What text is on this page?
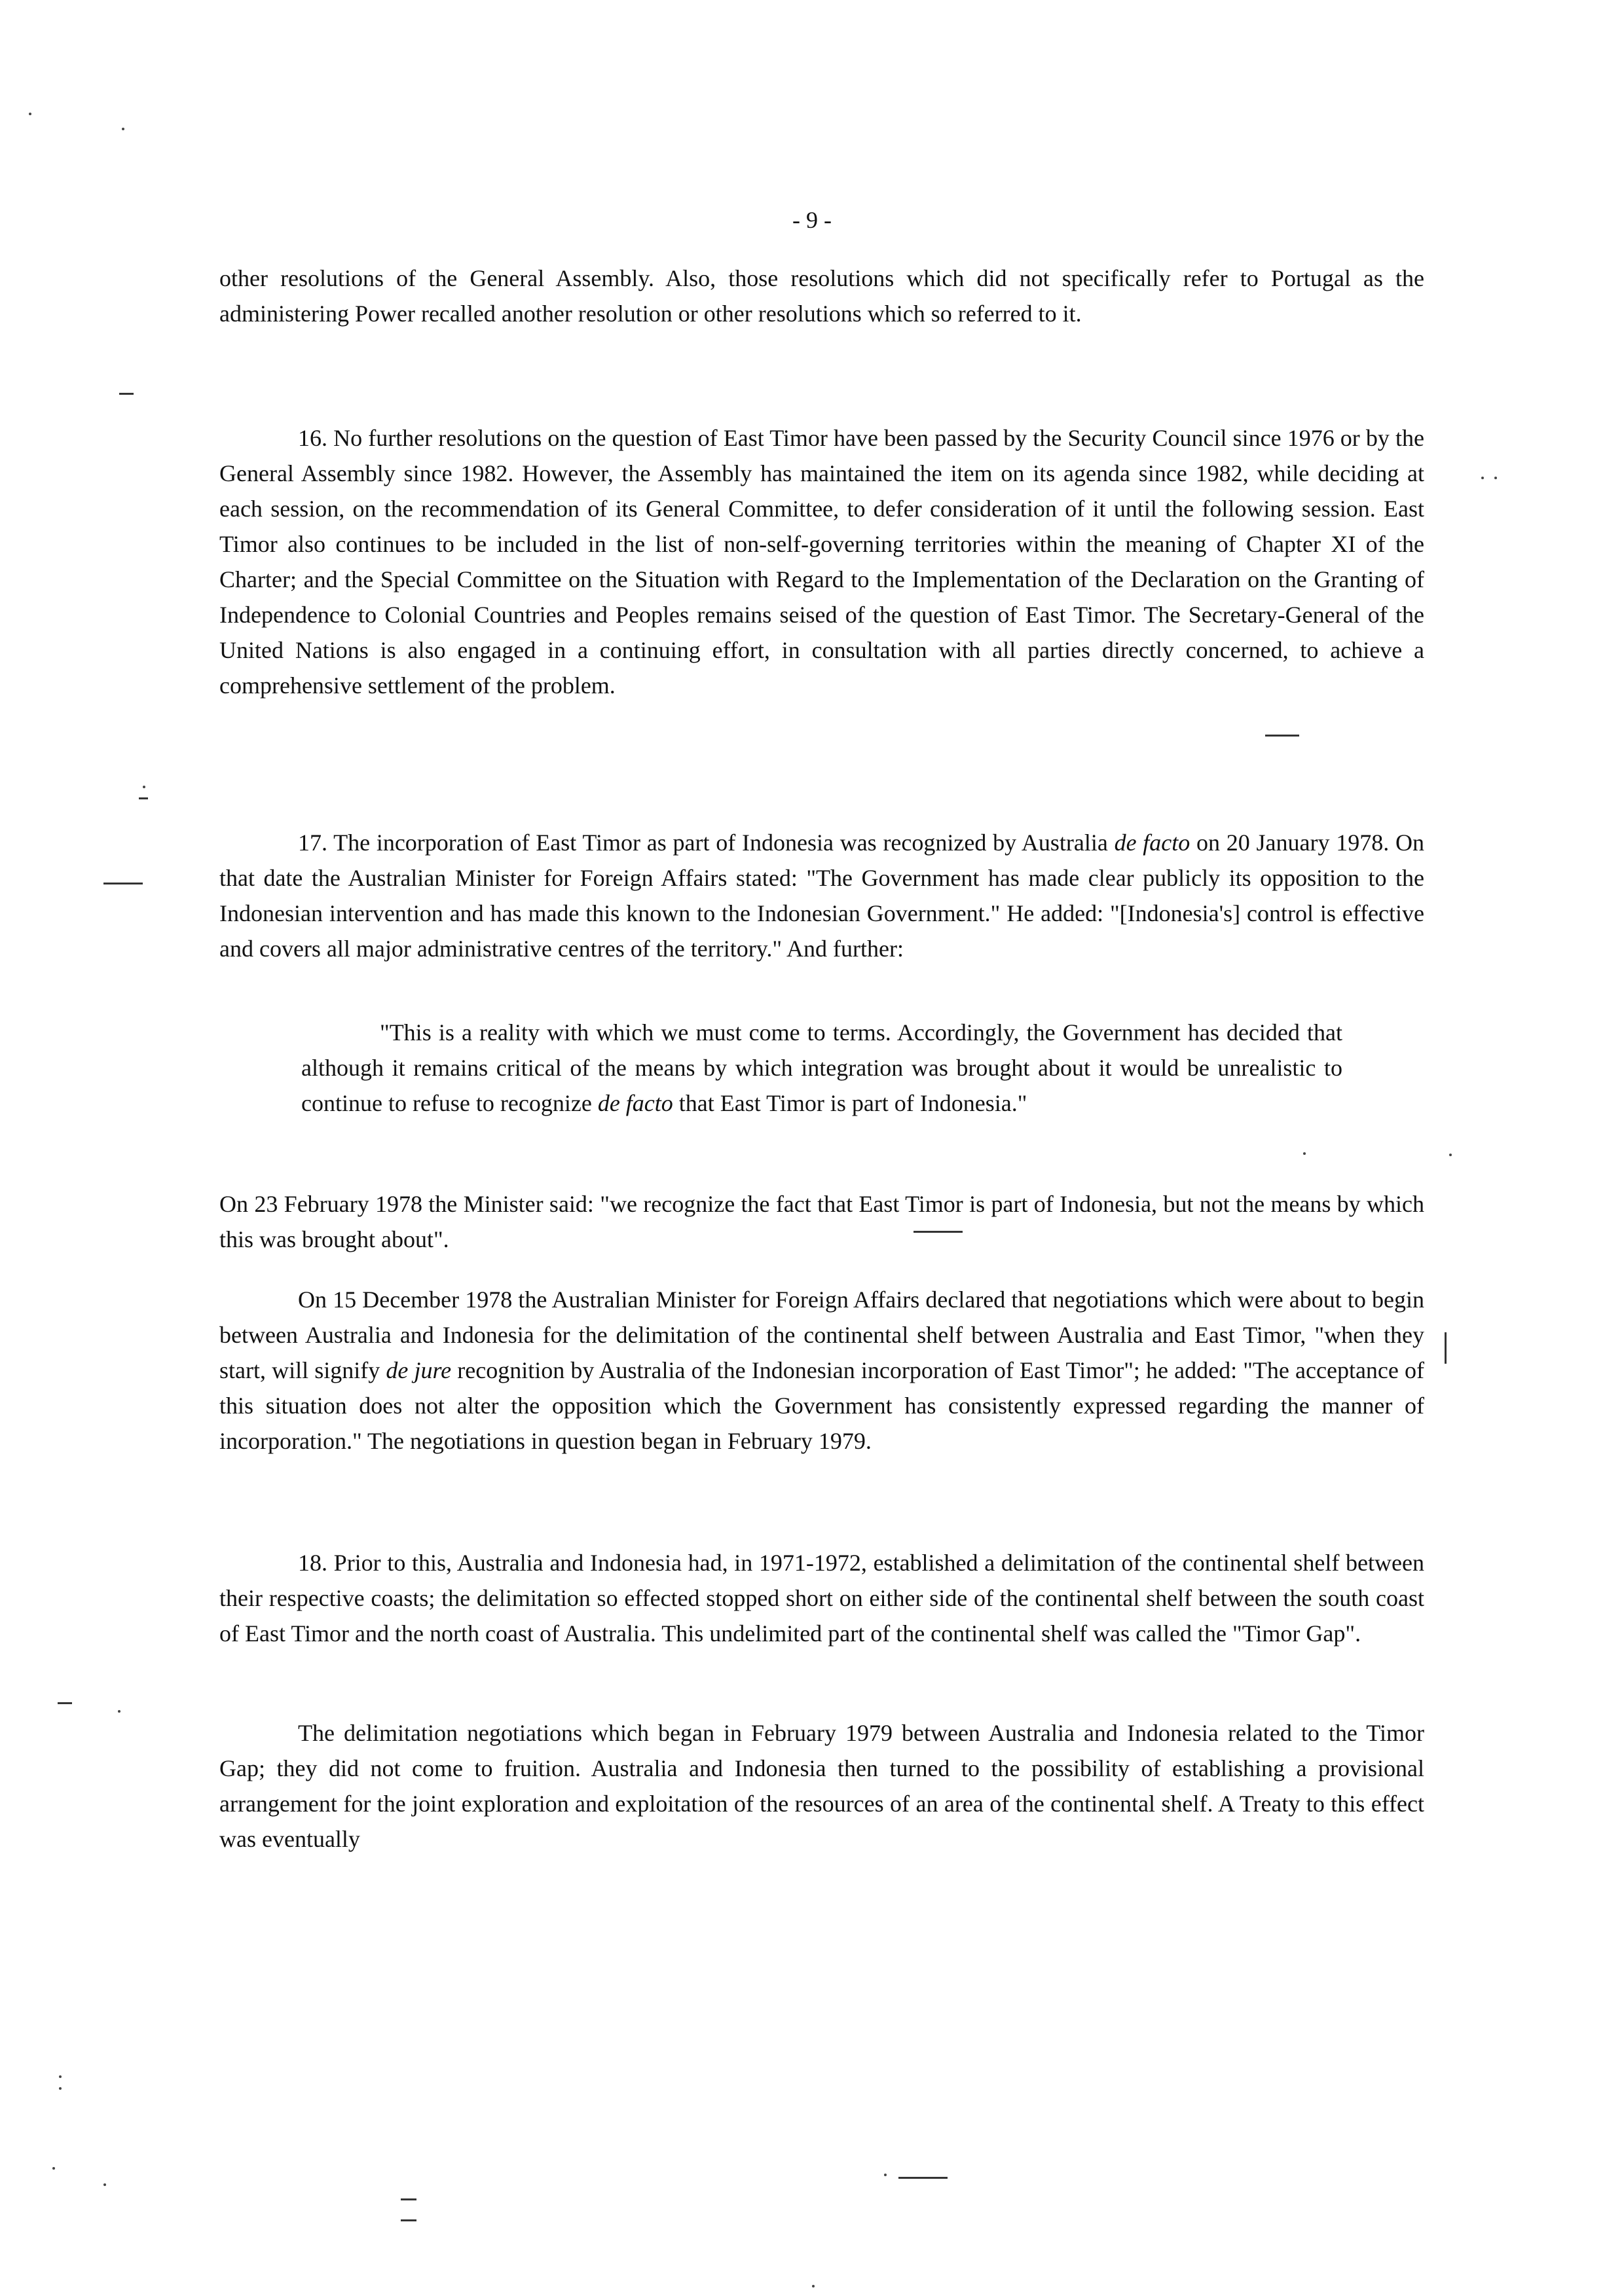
- 9 -

other resolutions of the General Assembly. Also, those resolutions which did not specifically refer to Portugal as the administering Power recalled another resolution or other resolutions which so referred to it.

16. No further resolutions on the question of East Timor have been passed by the Security Council since 1976 or by the General Assembly since 1982. However, the Assembly has maintained the item on its agenda since 1982, while deciding at each session, on the recommendation of its General Committee, to defer consideration of it until the following session. East Timor also continues to be included in the list of non-self-governing territories within the meaning of Chapter XI of the Charter; and the Special Committee on the Situation with Regard to the Implementation of the Declaration on the Granting of Independence to Colonial Countries and Peoples remains seised of the question of East Timor. The Secretary-General of the United Nations is also engaged in a continuing effort, in consultation with all parties directly concerned, to achieve a comprehensive settlement of the problem.

17. The incorporation of East Timor as part of Indonesia was recognized by Australia de facto on 20 January 1978. On that date the Australian Minister for Foreign Affairs stated: "The Government has made clear publicly its opposition to the Indonesian intervention and has made this known to the Indonesian Government." He added: "[Indonesia's] control is effective and covers all major administrative centres of the territory." And further:

"This is a reality with which we must come to terms. Accordingly, the Government has decided that although it remains critical of the means by which integration was brought about it would be unrealistic to continue to refuse to recognize de facto that East Timor is part of Indonesia."

On 23 February 1978 the Minister said: "we recognize the fact that East Timor is part of Indonesia, but not the means by which this was brought about".

On 15 December 1978 the Australian Minister for Foreign Affairs declared that negotiations which were about to begin between Australia and Indonesia for the delimitation of the continental shelf between Australia and East Timor, "when they start, will signify de jure recognition by Australia of the Indonesian incorporation of East Timor"; he added: "The acceptance of this situation does not alter the opposition which the Government has consistently expressed regarding the manner of incorporation." The negotiations in question began in February 1979.

18. Prior to this, Australia and Indonesia had, in 1971-1972, established a delimitation of the continental shelf between their respective coasts; the delimitation so effected stopped short on either side of the continental shelf between the south coast of East Timor and the north coast of Australia. This undelimited part of the continental shelf was called the "Timor Gap".

The delimitation negotiations which began in February 1979 between Australia and Indonesia related to the Timor Gap; they did not come to fruition. Australia and Indonesia then turned to the possibility of establishing a provisional arrangement for the joint exploration and exploitation of the resources of an area of the continental shelf. A Treaty to this effect was eventually
